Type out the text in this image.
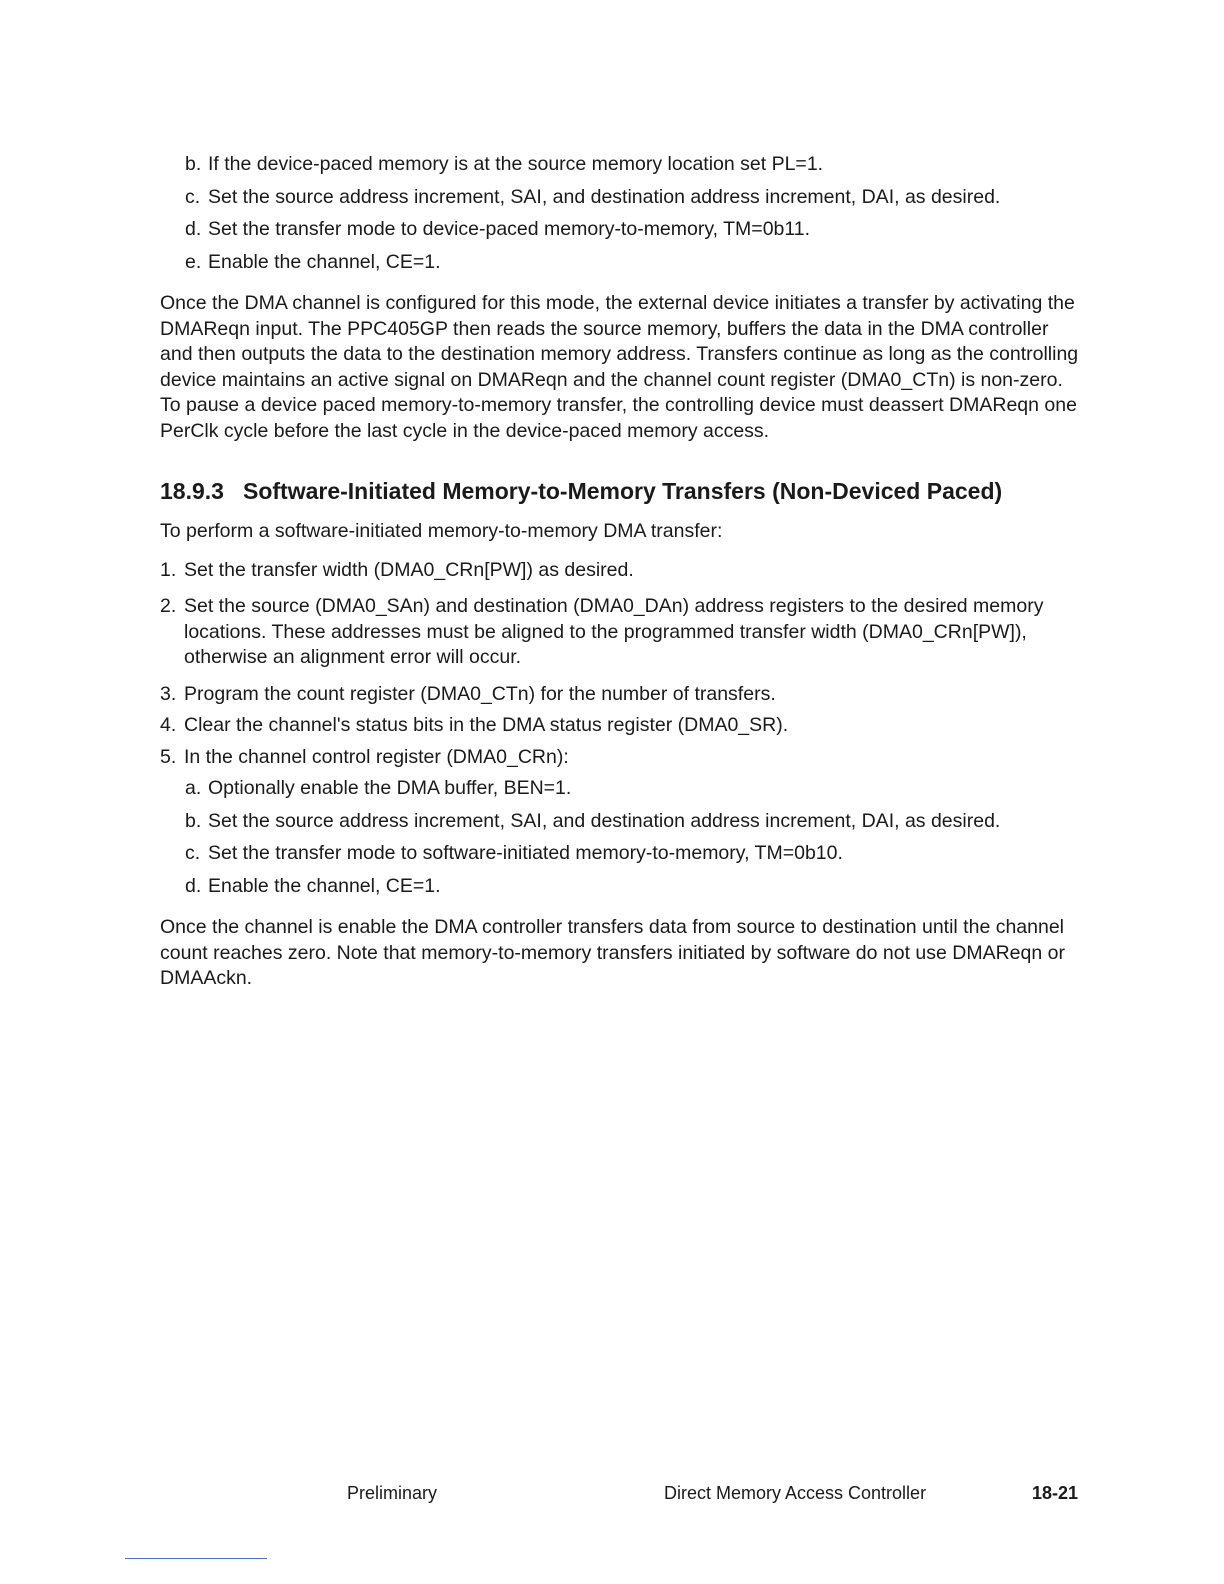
b. If the device-paced memory is at the source memory location set PL=1.
c. Set the source address increment, SAI, and destination address increment, DAI, as desired.
d. Set the transfer mode to device-paced memory-to-memory, TM=0b11.
e. Enable the channel, CE=1.

Once the DMA channel is configured for this mode, the external device initiates a transfer by activating the DMAReqn input. The PPC405GP then reads the source memory, buffers the data in the DMA controller and then outputs the data to the destination memory address. Transfers continue as long as the controlling device maintains an active signal on DMAReqn and the channel count register (DMA0_CTn) is non-zero. To pause a device paced memory-to-memory transfer, the controlling device must deassert DMAReqn one PerClk cycle before the last cycle in the device-paced memory access.

18.9.3 Software-Initiated Memory-to-Memory Transfers (Non-Deviced Paced)

To perform a software-initiated memory-to-memory DMA transfer:

1. Set the transfer width (DMA0_CRn[PW]) as desired.
2. Set the source (DMA0_SAn) and destination (DMA0_DAn) address registers to the desired memory locations. These addresses must be aligned to the programmed transfer width (DMA0_CRn[PW]), otherwise an alignment error will occur.
3. Program the count register (DMA0_CTn) for the number of transfers.
4. Clear the channel's status bits in the DMA status register (DMA0_SR).
5. In the channel control register (DMA0_CRn):
a. Optionally enable the DMA buffer, BEN=1.
b. Set the source address increment, SAI, and destination address increment, DAI, as desired.
c. Set the transfer mode to software-initiated memory-to-memory, TM=0b10.
d. Enable the channel, CE=1.

Once the channel is enable the DMA controller transfers data from source to destination until the channel count reaches zero. Note that memory-to-memory transfers initiated by software do not use DMAReqn or DMAAckn.

Preliminary	Direct Memory Access Controller	18-21
